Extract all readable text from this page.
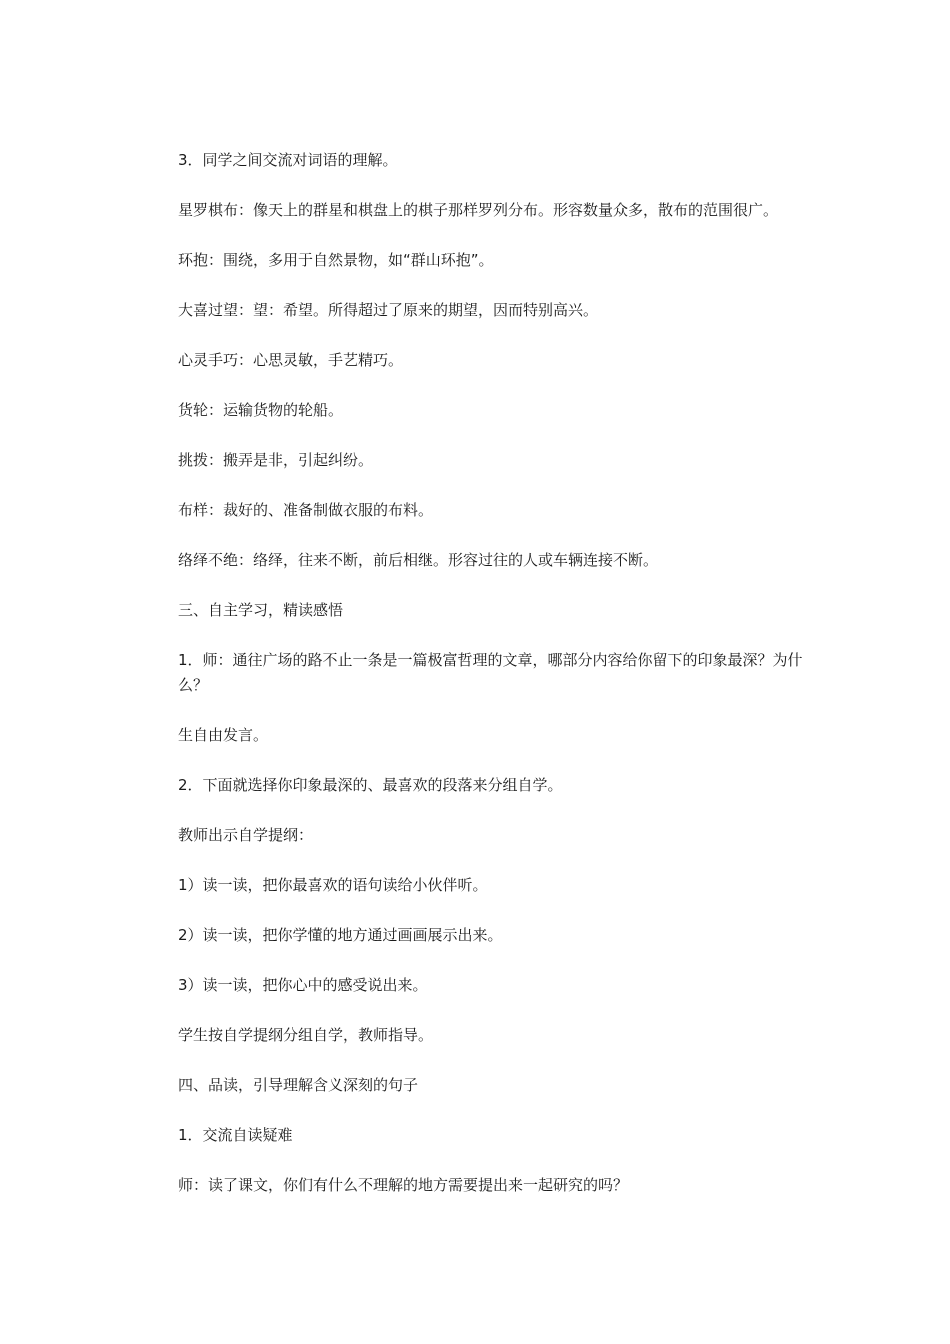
3．同学之间交流对词语的理解。

星罗棋布：像天上的群星和棋盘上的棋子那样罗列分布。形容数量众多，散布的范围很广。

环抱：围绕，多用于自然景物，如“群山环抱”。

大喜过望：望：希望。所得超过了原来的期望，因而特别高兴。

心灵手巧：心思灵敏，手艺精巧。

货轮：运输货物的轮船。

挑拨：搬弄是非，引起纠纷。

布样：裁好的、准备制做衣服的布料。

络绎不绝：络绎，往来不断，前后相继。形容过往的人或车辆连接不断。

三、自主学习，精读感悟

1．师：通往广场的路不止一条是一篇极富哲理的文章，哪部分内容给你留下的印象最深？为什么？

生自由发言。

2．下面就选择你印象最深的、最喜欢的段落来分组自学。

教师出示自学提纲：

1）读一读，把你最喜欢的语句读给小伙伴听。

2）读一读，把你学懂的地方通过画画展示出来。

3）读一读，把你心中的感受说出来。

学生按自学提纲分组自学，教师指导。

四、品读，引导理解含义深刻的句子

1．交流自读疑难

师：读了课文，你们有什么不理解的地方需要提出来一起研究的吗？
